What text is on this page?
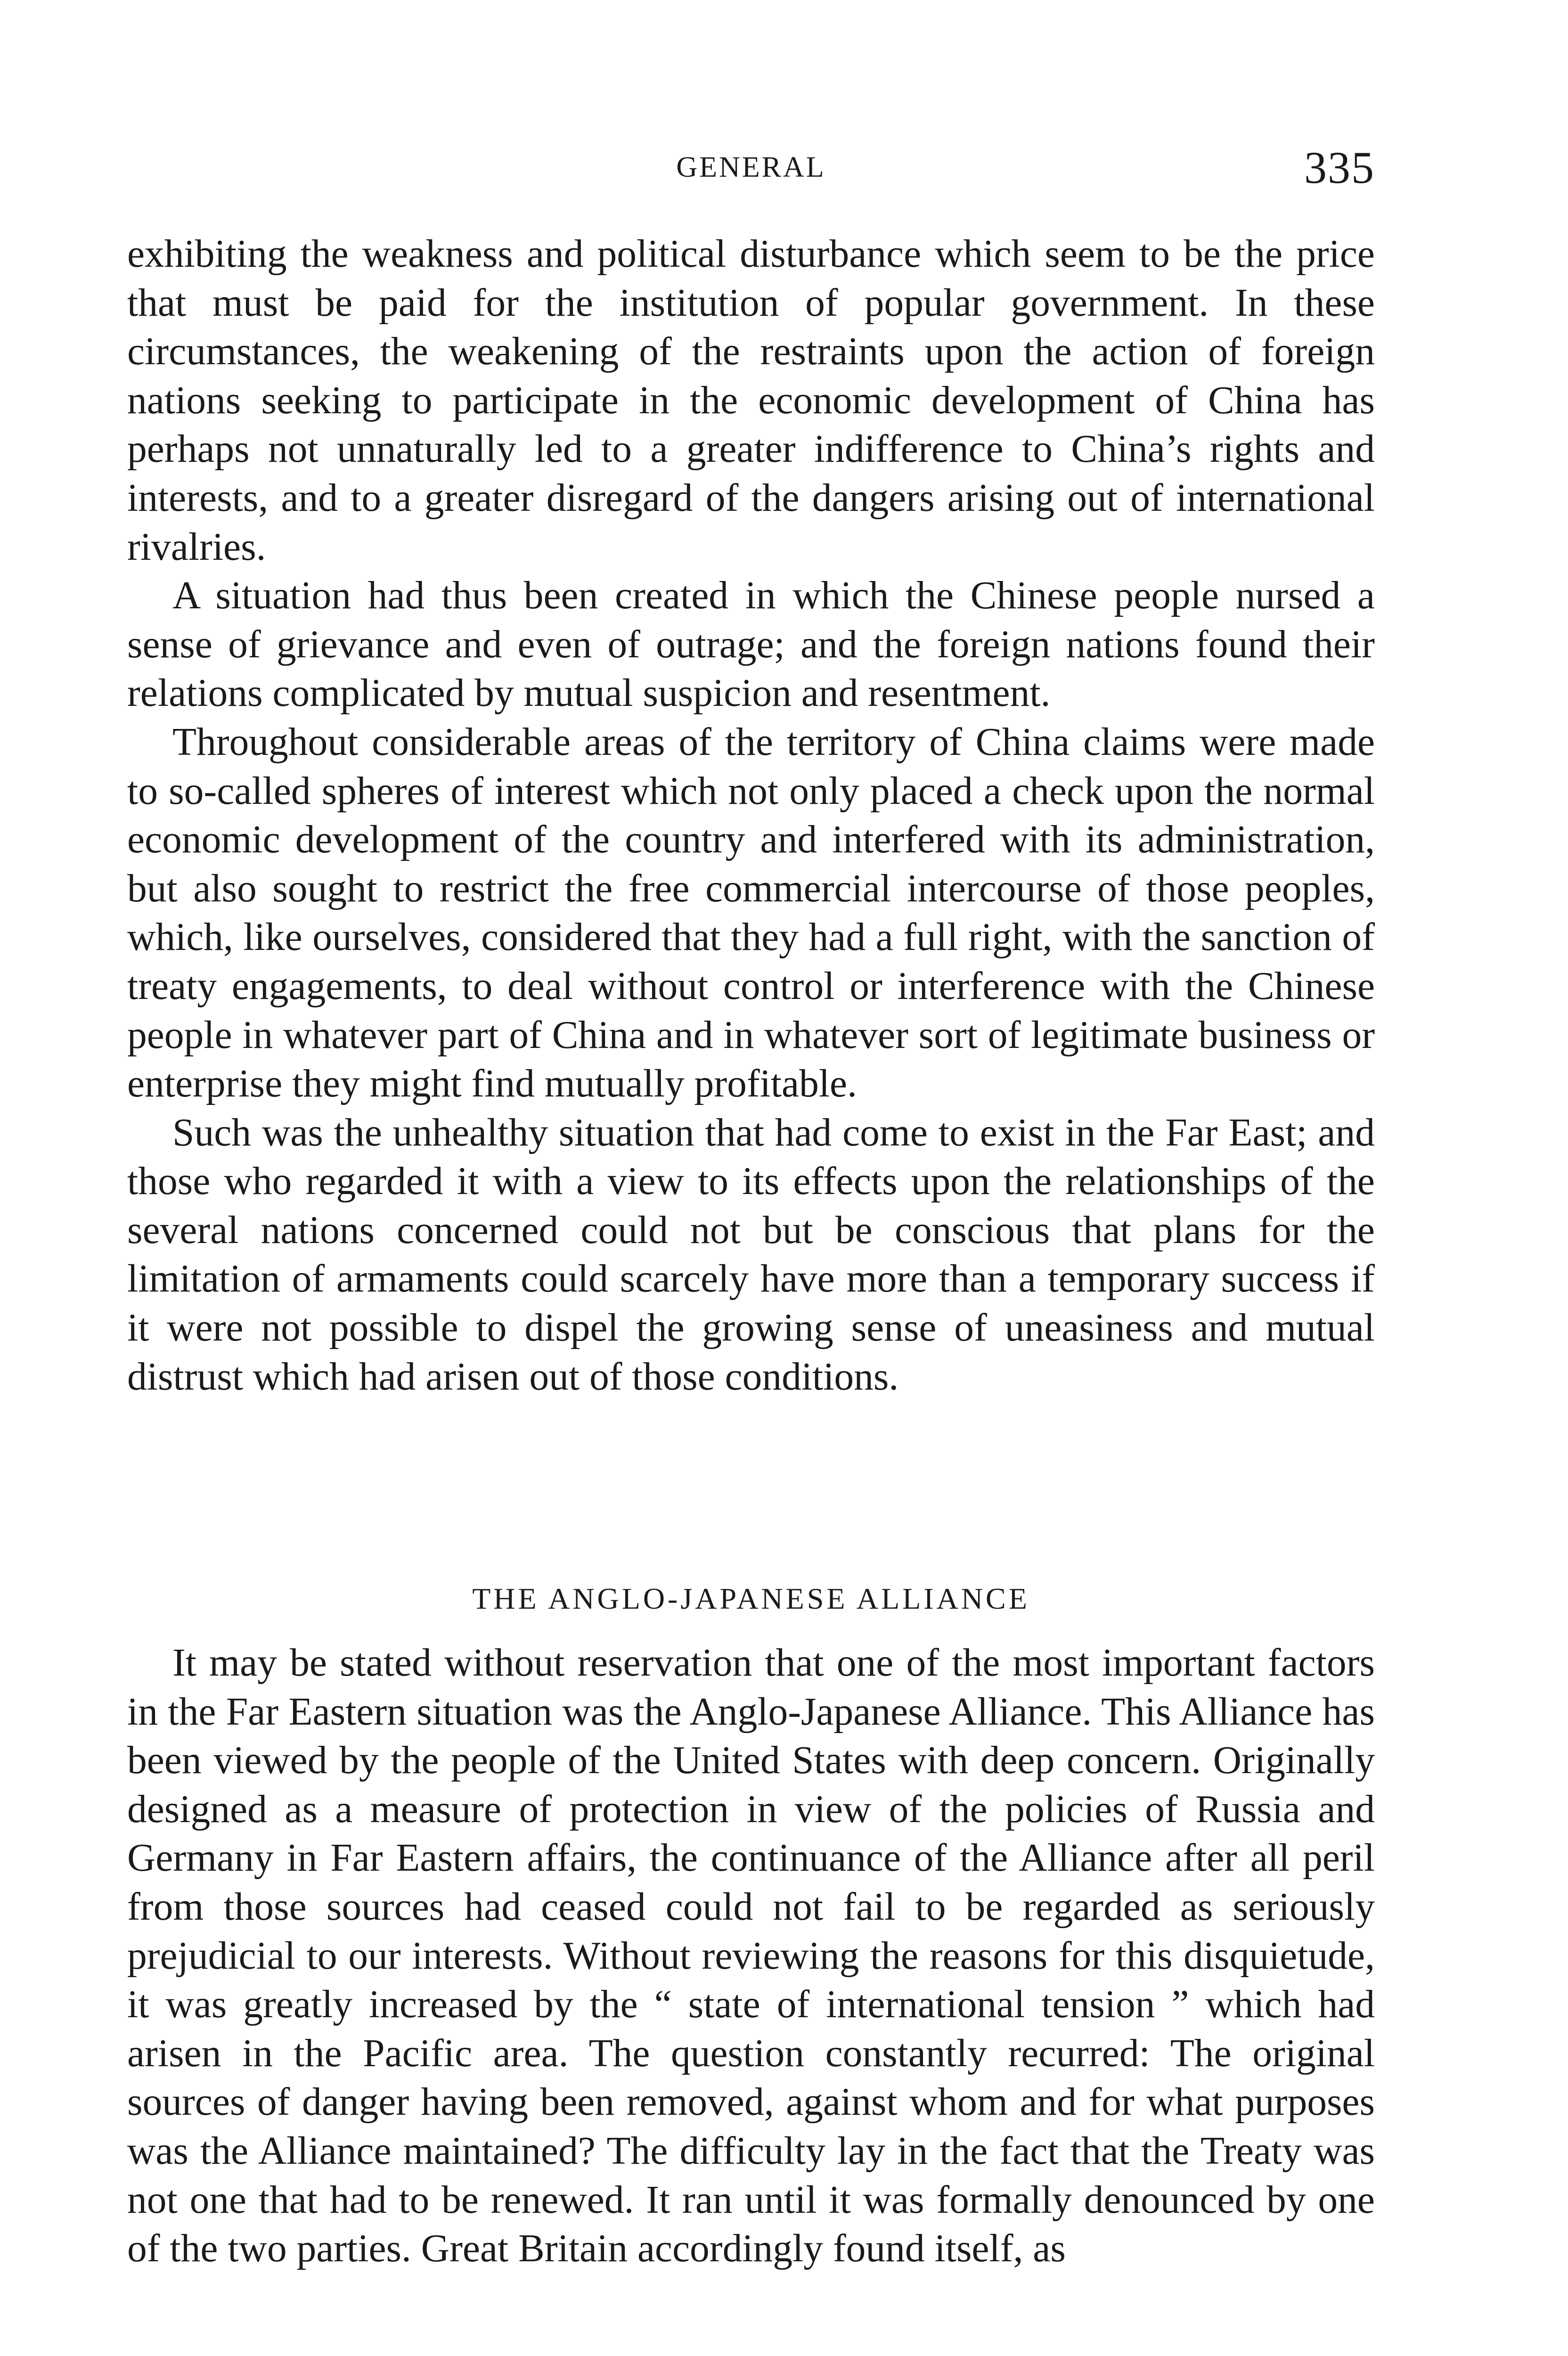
GENERAL	335

exhibiting the weakness and political disturbance which seem to be the price that must be paid for the institution of popular government. In these circumstances, the weakening of the restraints upon the action of foreign nations seeking to participate in the economic development of China has perhaps not unnaturally led to a greater indifference to China’s rights and interests, and to a greater disregard of the dangers arising out of international rivalries.

A situation had thus been created in which the Chinese people nursed a sense of grievance and even of outrage; and the foreign nations found their relations complicated by mutual suspicion and resentment.

Throughout considerable areas of the territory of China claims were made to so-called spheres of interest which not only placed a check upon the normal economic development of the country and interfered with its administration, but also sought to restrict the free commercial intercourse of those peoples, which, like ourselves, considered that they had a full right, with the sanction of treaty engagements, to deal without control or interference with the Chinese people in whatever part of China and in whatever sort of legitimate business or enterprise they might find mutually profitable.

Such was the unhealthy situation that had come to exist in the Far East; and those who regarded it with a view to its effects upon the relationships of the several nations concerned could not but be conscious that plans for the limitation of armaments could scarcely have more than a temporary success if it were not possible to dispel the growing sense of uneasiness and mutual distrust which had arisen out of those conditions.

THE ANGLO-JAPANESE ALLIANCE

It may be stated without reservation that one of the most important factors in the Far Eastern situation was the Anglo-Japanese Alliance. This Alliance has been viewed by the people of the United States with deep concern. Originally designed as a measure of protection in view of the policies of Russia and Germany in Far Eastern affairs, the continuance of the Alliance after all peril from those sources had ceased could not fail to be regarded as seriously prejudicial to our interests. Without reviewing the reasons for this disquietude, it was greatly increased by the “ state of international tension ” which had arisen in the Pacific area. The question constantly recurred: The original sources of danger having been removed, against whom and for what purposes was the Alliance maintained? The difficulty lay in the fact that the Treaty was not one that had to be renewed. It ran until it was formally denounced by one of the two parties. Great Britain accordingly found itself, as
